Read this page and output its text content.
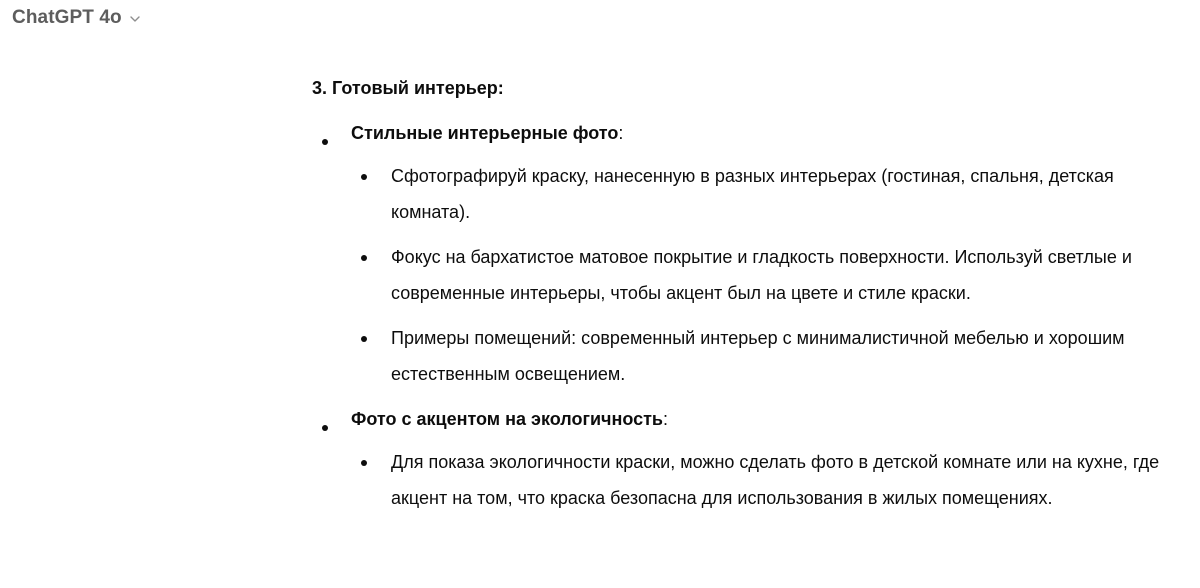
ChatGPT 4o

3. Готовый интерьер:

Стильные интерьерные фото:
Сфотографируй краску, нанесенную в разных интерьерах (гостиная, спальня, детская комната).
Фокус на бархатистое матовое покрытие и гладкость поверхности. Используй светлые и современные интерьеры, чтобы акцент был на цвете и стиле краски.
Примеры помещений: современный интерьер с минималистичной мебелью и хорошим естественным освещением.
Фото с акцентом на экологичность:
Для показа экологичности краски, можно сделать фото в детской комнате или на кухне, где акцент на том, что краска безопасна для использования в жилых помещениях.
